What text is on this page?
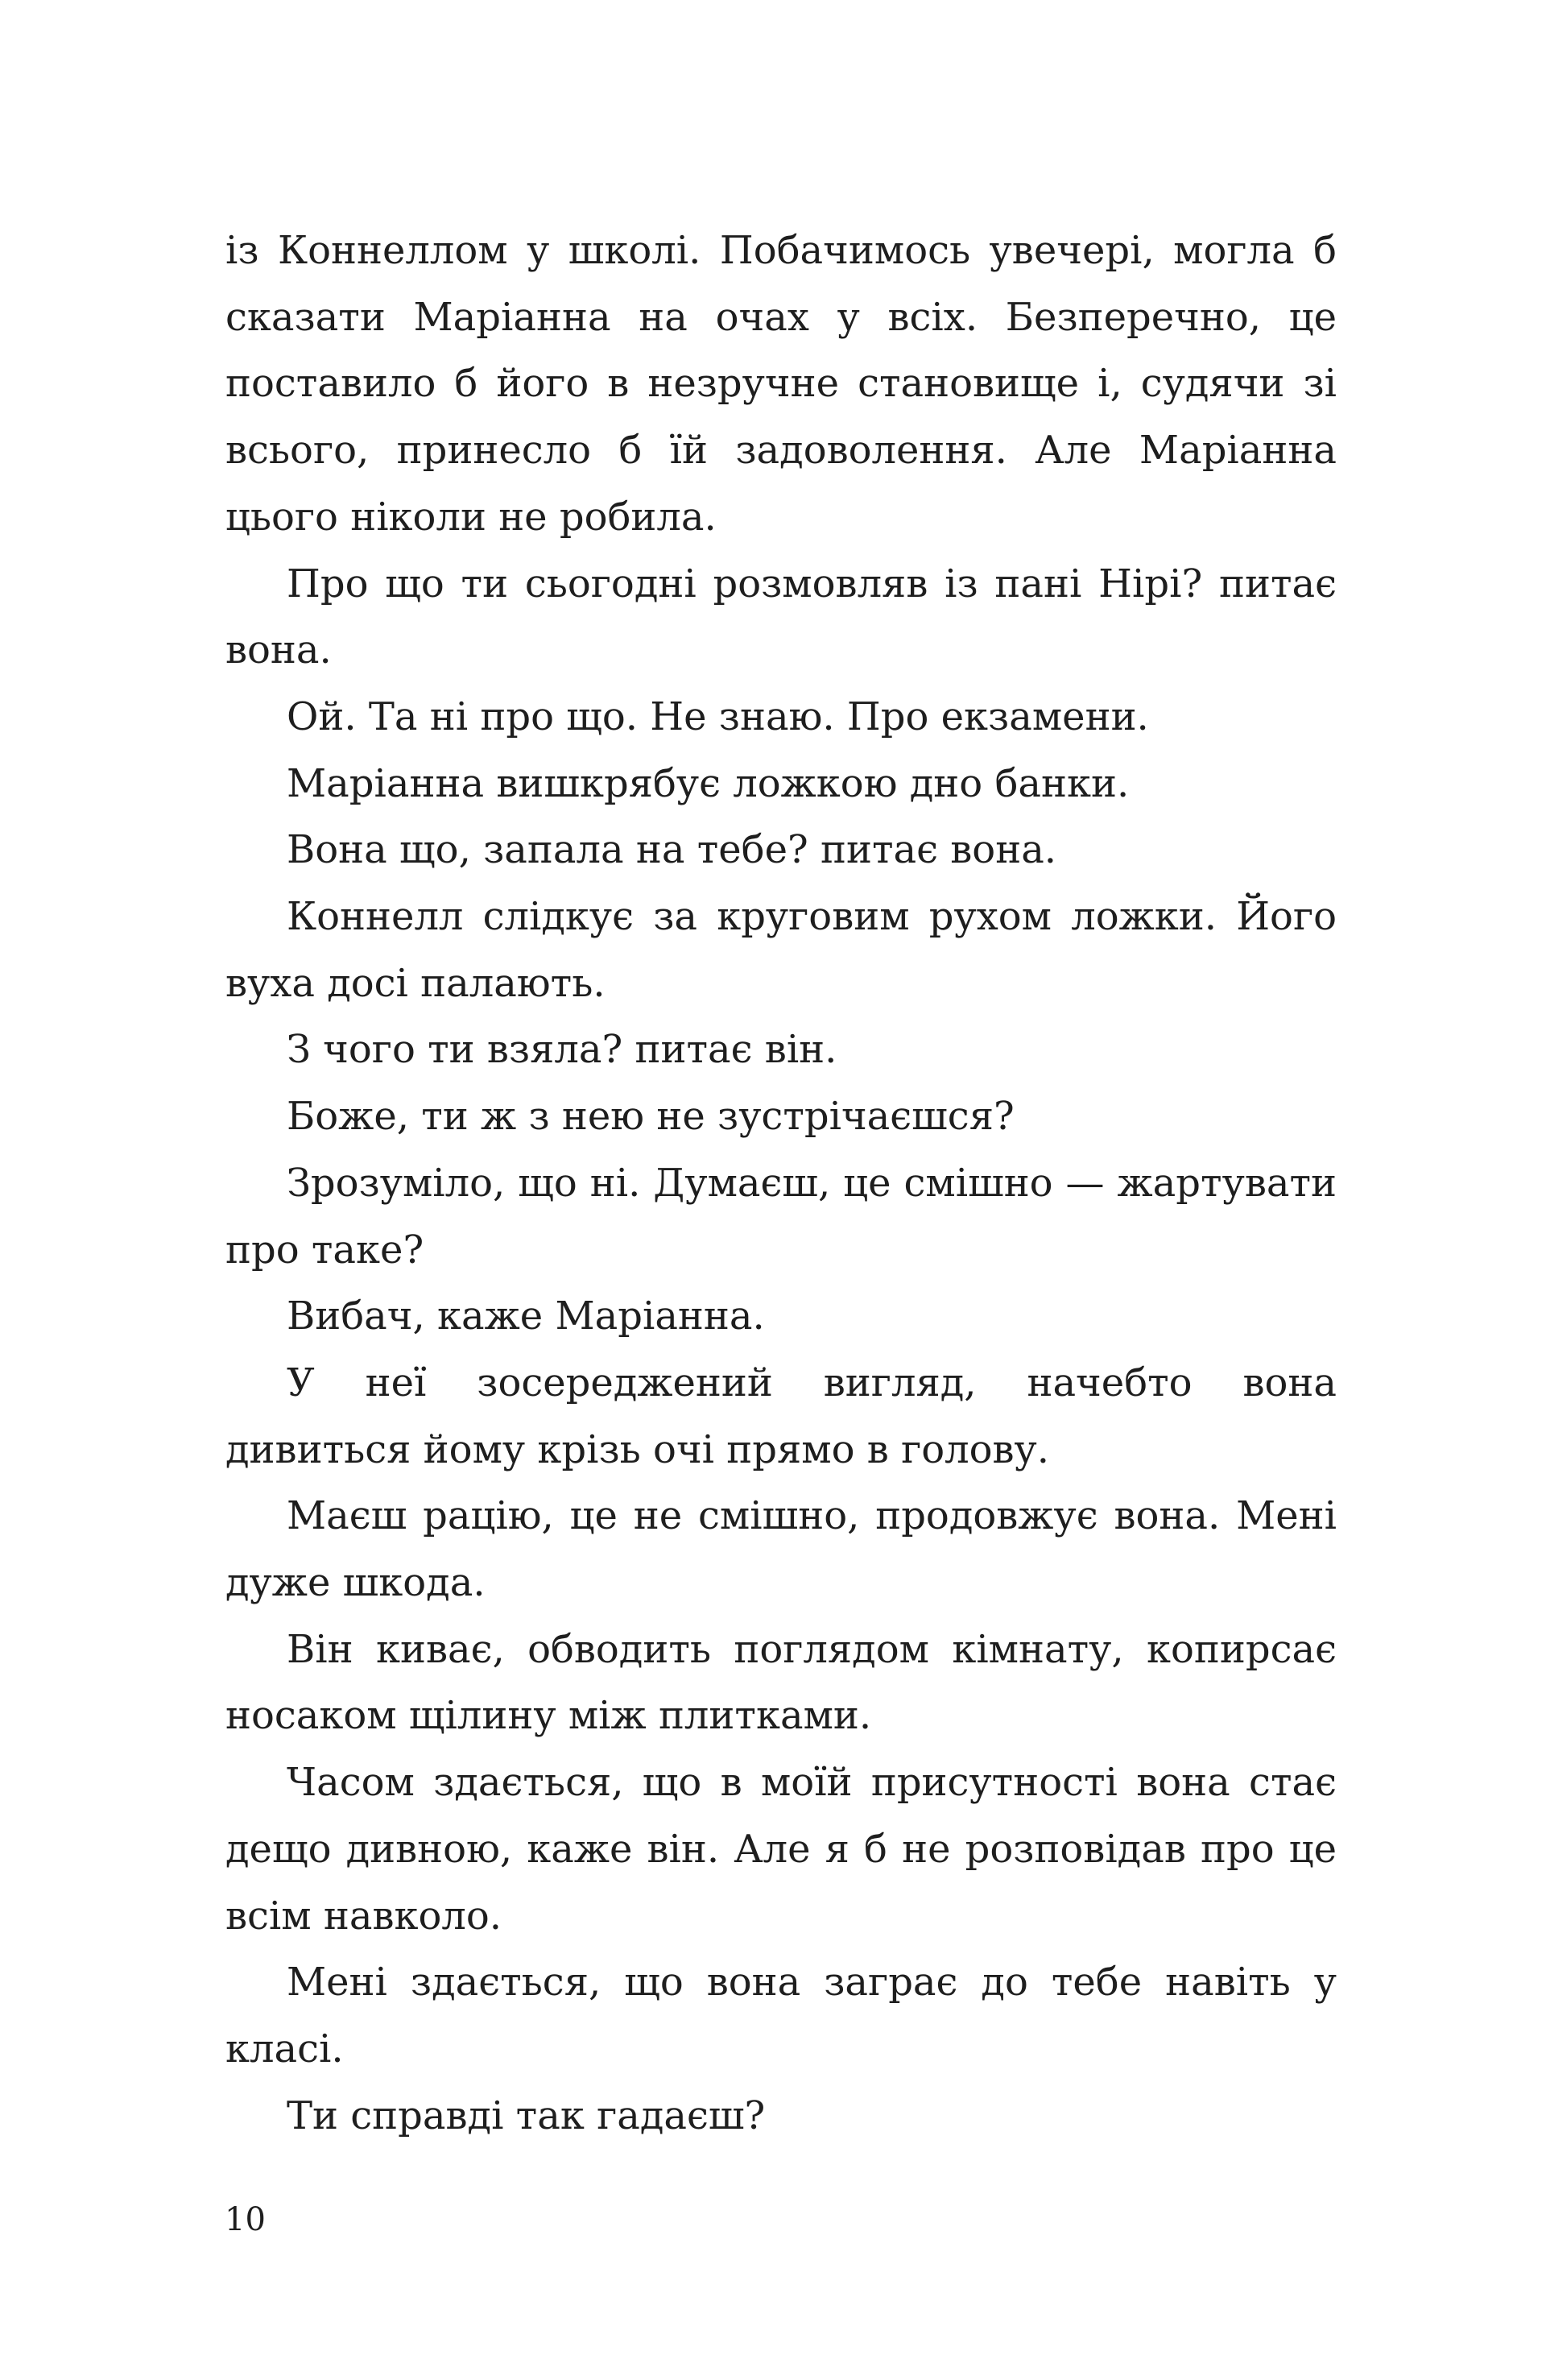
із Коннеллом у школі. Побачимось увечері, могла б сказати Маріанна на очах у всіх. Безперечно, це поставило б його в незручне становище і, судячи зі всього, принесло б їй задоволення. Але Маріанна цього ніколи не робила.

Про що ти сьогодні розмовляв із пані Нірі? питає вона.

Ой. Та ні про що. Не знаю. Про екзамени.

Маріанна вишкрябує ложкою дно банки.

Вона що, запала на тебе? питає вона.

Коннелл слідкує за круговим рухом ложки. Його вуха досі палають.

З чого ти взяла? питає він.

Боже, ти ж з нею не зустрічаєшся?

Зрозуміло, що ні. Думаєш, це смішно — жартувати про таке?

Вибач, каже Маріанна.

У неї зосереджений вигляд, начебто вона дивиться йому крізь очі прямо в голову.

Маєш рацію, це не смішно, продовжує вона. Мені дуже шкода.

Він киває, обводить поглядом кімнату, копирсає носаком щілину між плитками.

Часом здається, що в моїй присутності вона стає дещо дивною, каже він. Але я б не розповідав про це всім навколо.

Мені здається, що вона заграє до тебе навіть у класі.

Ти справді так гадаєш?

10
